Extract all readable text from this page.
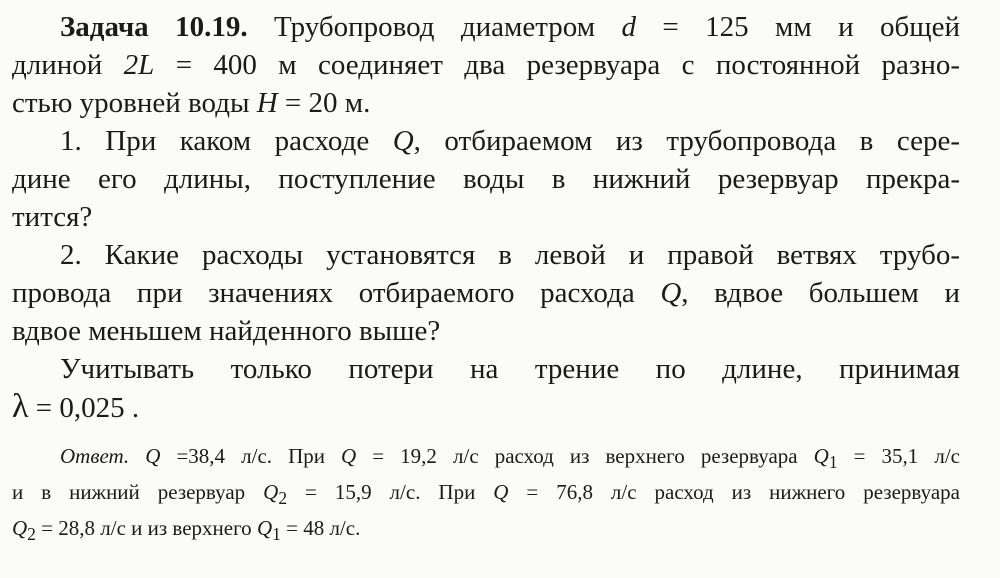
Задача 10.19. Трубопровод диаметром d = 125 мм и общей
длиной 2L = 400 м соединяет два резервуара с постоянной разно-
стью уровней воды H = 20 м.
1. При каком расходе Q, отбираемом из трубопровода в сере-
дине его длины, поступление воды в нижний резервуар прекра-
тится?
2. Какие расходы установятся в левой и правой ветвях трубо-
провода при значениях отбираемого расхода Q, вдвое большем и
вдвое меньшем найденного выше?
Учитывать только потери на трение по длине, принимая
λ = 0,025 .
Ответ. Q =38,4 л/с. При Q = 19,2 л/с расход из верхнего резервуара $Q_1 = 35,1$ л/с
и в нижний резервуар $Q_2 = 15,9$ л/с. При Q = 76,8 л/с расход из нижнего резервуара
$Q_2 = 28,8$ л/с и из верхнего $Q_1 = 48$ л/с.
